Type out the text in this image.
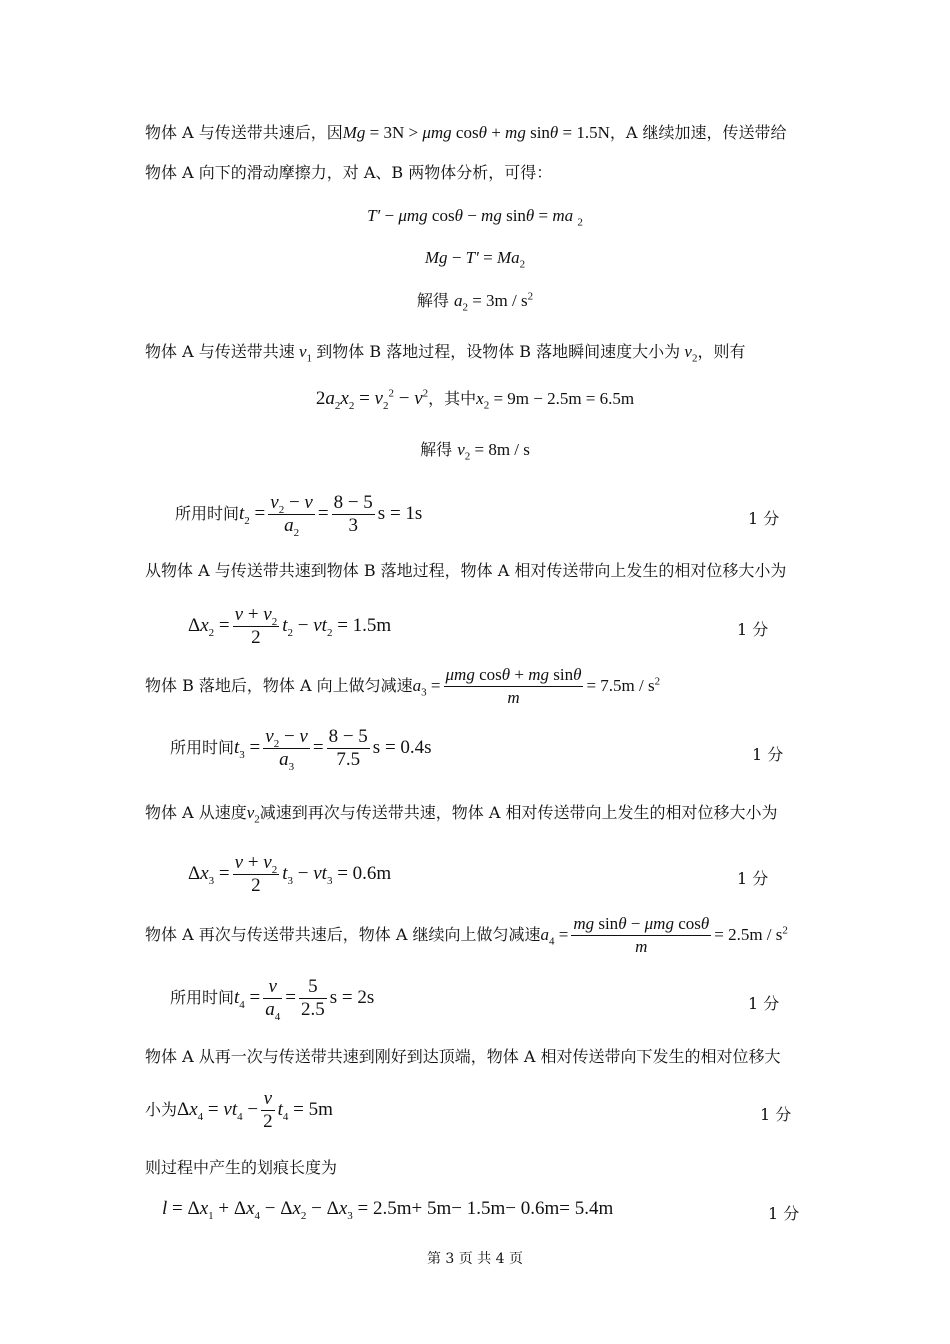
物体 A 与传送带共速后，因Mg = 3N > μmg cosθ + mg sinθ = 1.5N，A 继续加速，传送带给
物体 A 向下的滑动摩擦力，对 A、B 两物体分析，可得：
T′ − μmg cosθ − mg sinθ = ma $_2$
$Mg - T' = Ma_2$
解得 $a_2 = 3m / s^2$
物体 A 与传送带共速 $v_1$ 到物体 B 落地过程，设物体 B 落地瞬间速度大小为 $v_2$，则有
$2a_2x_2 = v_2^2 - v^2$，其中$x_2 = 9m - 2.5m = 6.5m$
解得 $v_2 = 8m / s$
所用时间$t_2 = \frac{v_2 - v}{a_2} = \frac{8 - 5}{3}$ s = 1s	1 分
从物体 A 与传送带共速到物体 B 落地过程，物体 A 相对传送带向上发生的相对位移大小为
$\Delta x_2 = \frac{v + v_2}{2} t_2 - vt_2 = 1.5m$	1 分
物体 B 落地后，物体 A 向上做匀减速$a_3 = \frac{\text{μmg cosθ + mg sinθ}}{m} = 7.5m / s^2$
所用时间$t_3 = \frac{v_2 - v}{a_3} = \frac{8 - 5}{7.5}$ s = 0.4s	1 分
物体 A 从速度$v_2$减速到再次与传送带共速，物体 A 相对传送带向上发生的相对位移大小为
$\Delta x_3 = \frac{v + v_2}{2} t_3 - vt_3 = 0.6m$	1 分
物体 A 再次与传送带共速后，物体 A 继续向上做匀减速$a_4 = \frac{\text{mg sinθ − μmg cosθ}}{m} = 2.5m / s^2$
所用时间$t_4 = \frac{v}{a_4} = \frac{5}{2.5}$ s = 2s	1 分
物体 A 从再一次与传送带共速到刚好到达顶端，物体 A 相对传送带向下发生的相对位移大
小为$\Delta x_4 = vt_4 - \frac{v}{2} t_4 = 5m$	1 分
则过程中产生的划痕长度为
$l = \Delta x_1 + \Delta x_4 - \Delta x_2 - \Delta x_3 = 2.5m+ 5m- 1.5m- 0.6m= 5.4m$	1 分
第 3 页 共 4 页
